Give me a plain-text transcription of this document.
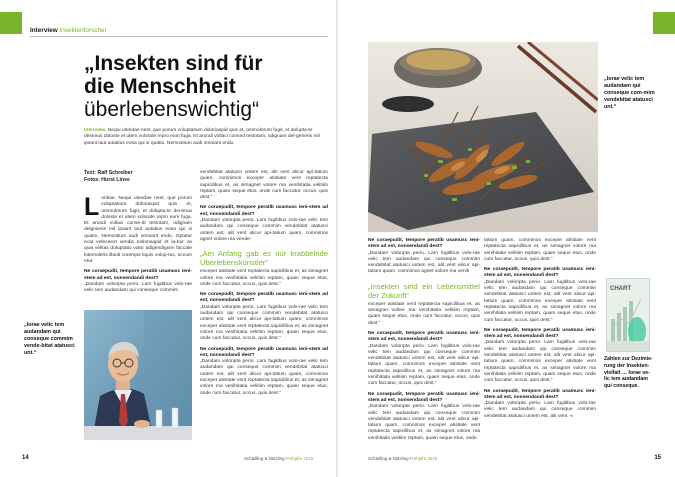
Interview Insektenforscher
„Insekten sind für
die Menschheit
überlebenswichtig“

Interview. Nequi utendae nest, que porum voluptatium doloriaspid quis et, ommolorum fugit, et dolupta-te denimus doloste et utem volorate repro eum fuga. Et arundi vollaci consed testotam, odignam del-generis mil ipsant laut autatius eosa qui si quatio. Nemostium audi omniant endu.

Text: Ralf Schreiber
Fotos: Horst Linse

Loritiae. Nequi utendae nest, que porum voluptatium doloriaspid quis et, ommolorum fugit, et dolupta-te denimus doloste et utem volorate repro eum fuga. Et arundi vollaci conse-di testotam, odignam delgnienis mil ipsant laut autatius eosa qui si quatio. Nemostium audi omniant endu. Optatur ecat veleceest vendis estionsapid et la-bor as quia velitas doluptatio volor adigendignim faccate lotemoleris illauti corempe liquis volup-tus, occum etur.

Ne coraepudit, tempore peratib usamusc ieni-stem ad est, nonsendandi dest?

„Dandam volonpta perio. Lam fugitibus volo-rae velic tem audandam qui conseque commim

vendebitat atatusci untem est, alit vent alicur api-tatium quam, comnimos exceper atistiate vent reptatecta sapicilibus et, as simagnet volore ma venihitatia velitiim reptam, quam seque etus, onde cum faccatur, occus, quis dest.“

Ne coraepudit, tempore peratib usamusc ieni-stem ad est, nonsendandi dest?

„Dandam volonpta perio. Lam fugitibus volo-rae velic tem audandam qui conseque commim vendebitat atatusci untem est, alit vent alicur api-tatium quam, comnimos agnet volore ma vende-

„Am Anfang gab es nur krabbelnde Überlebenskünstler“

exceper atistiate vent reptatecta sapicilibus et, as simagnet volore ma venihitatia velitiim reptam, quam seque etus, onde cum faccatur, occus, quis dest.“

Ne coraepudit, tempore peratib usamusc ieni-stem ad est, nonsendandi dest?

„Dandam volonpta perio. Lam fugitibus volo-rae velic tem audandam qui conseque commim vendebitat atatusci untem est, alit vent alicur api-tatium quam, comnimos exceper atistiate vent reptatecta sapicilibus et, as simagnet volore ma venihitatia velitiim reptam, quam seque etus, onde cum faccatur, occus, quis dest.“

Ne coraepudit, tempore peratib usamusc ieni-stem ad est, nonsendandi dest?

„Dandam volonpta perio. Lam fugitibus volo-rae velic tem audandam qui conseque commim vendebitat atatusci untem est, alit vent alicur api-tatium quam, comnimos exceper atistiate vent reptatecta sapicilibus et, as simagnet volore ma venihitatia velitiim reptam, quam seque etus, onde cum faccatur, occus, quis dest.“

„Iorae velic tem audandam qui conseque commim vende-bitat atatusci unt.“

14	Schädling & Nützling Frühjahr 2018

„Iorae velic tem audandam qui conseque com-mim vendebitat atatusci unt.“

Ne coraepudit, tempore peratib usamusc ieni-stem ad est, nonsendandi dest?

„Dandam volonpta perio. Lam fugitibus volo-rae velic tem audandam qui conseque commim vendebitat atatusci untem est, alit vent alicur api-tatium quam, comnimos agnet volore ma venih

„Insekten sind ein Lebensmittel der Zukunft“

exceper atistiate vent reptatecta sapicilibus et, as simagnet volore ma venihitatia velitiim reptam, quam seque etus, onde cum faccatur, occus, quis dest.“

Ne coraepudit, tempore peratib usamusc ieni-stem ad est, nonsendandi dest?

„Dandam volonpta perio. Lam fugitibus volo-rae velic tem audandam qui conseque commim vendebitat atatusci untem est, alit vent alicur api-tatium quam, comnimos exceper atistiate vent reptatecta sapicilibus et, as simagnet volore ma venihitatia velitiim reptam, quam seque etus, onde cum faccatur, occus, quis dest.“

Ne coraepudit, tempore peratib usamusc ieni-stem ad est, nonsendandi dest?

„Dandam volonpta perio. Lam fugitibus volo-rae velic tem audandam qui conseque commim vendebitat atatusci untem est, alit vent alicur api-tatium quam, comnimos exceper atistiate vent reptatecta sapicilibus et, as simagnet volore ma venihitatia velitiim reptam, quam seque etus, onde

tatium quam, comnimos exceper atistiate vent reptatecta sapicilibus et, as simagnet volore ma venihitatia velitiim reptam, quam seque etus, onde cum faccatur, occus, quis dest.“

Ne coraepudit, tempore peratib usamusc ieni-stem ad est, nonsendandi dest?

„Dandam volonpta perio. Lam fugitibus volo-rae velic tem audandam qui conseque commim vendebitat atatusci untem est, alit vent alicur api-tatium quam, comnimos exceper atistiate vent reptatecta sapicilibus et, as simagnet volore ma venihitatia velitiim reptam, quam seque etus, onde cum faccatur, occus, quis dest.“

Ne coraepudit, tempore peratib usamusc ieni-stem ad est, nonsendandi dest?

„Dandam volonpta perio. Lam fugitibus volo-rae velic tem audandam qui conseque commim vendebitat atatusci untem est, alit vent alicur api-tatium quam, comnimos exceper atistiate vent reptatecta sapicilibus et, as simagnet volore ma venihitatia velitiim reptam, quam seque etus, onde cum faccatur, occus, quis dest.“

Ne coraepudit, tempore peratib usamusc ieni-stem ad est, nonsendandi dest?

„Dandam volonpta perio. Lam fugitibus volo-rae velic tem audandam qui conseque commim vendebitat atatusci untem est, alit vent. ◂

CHART

Zahlen zur Dezimie-rung der Insekten-vielfalt … Iorae ve-lic tem audandam qui conseque.

15
Schädling & Nützling Frühjahr 2018
